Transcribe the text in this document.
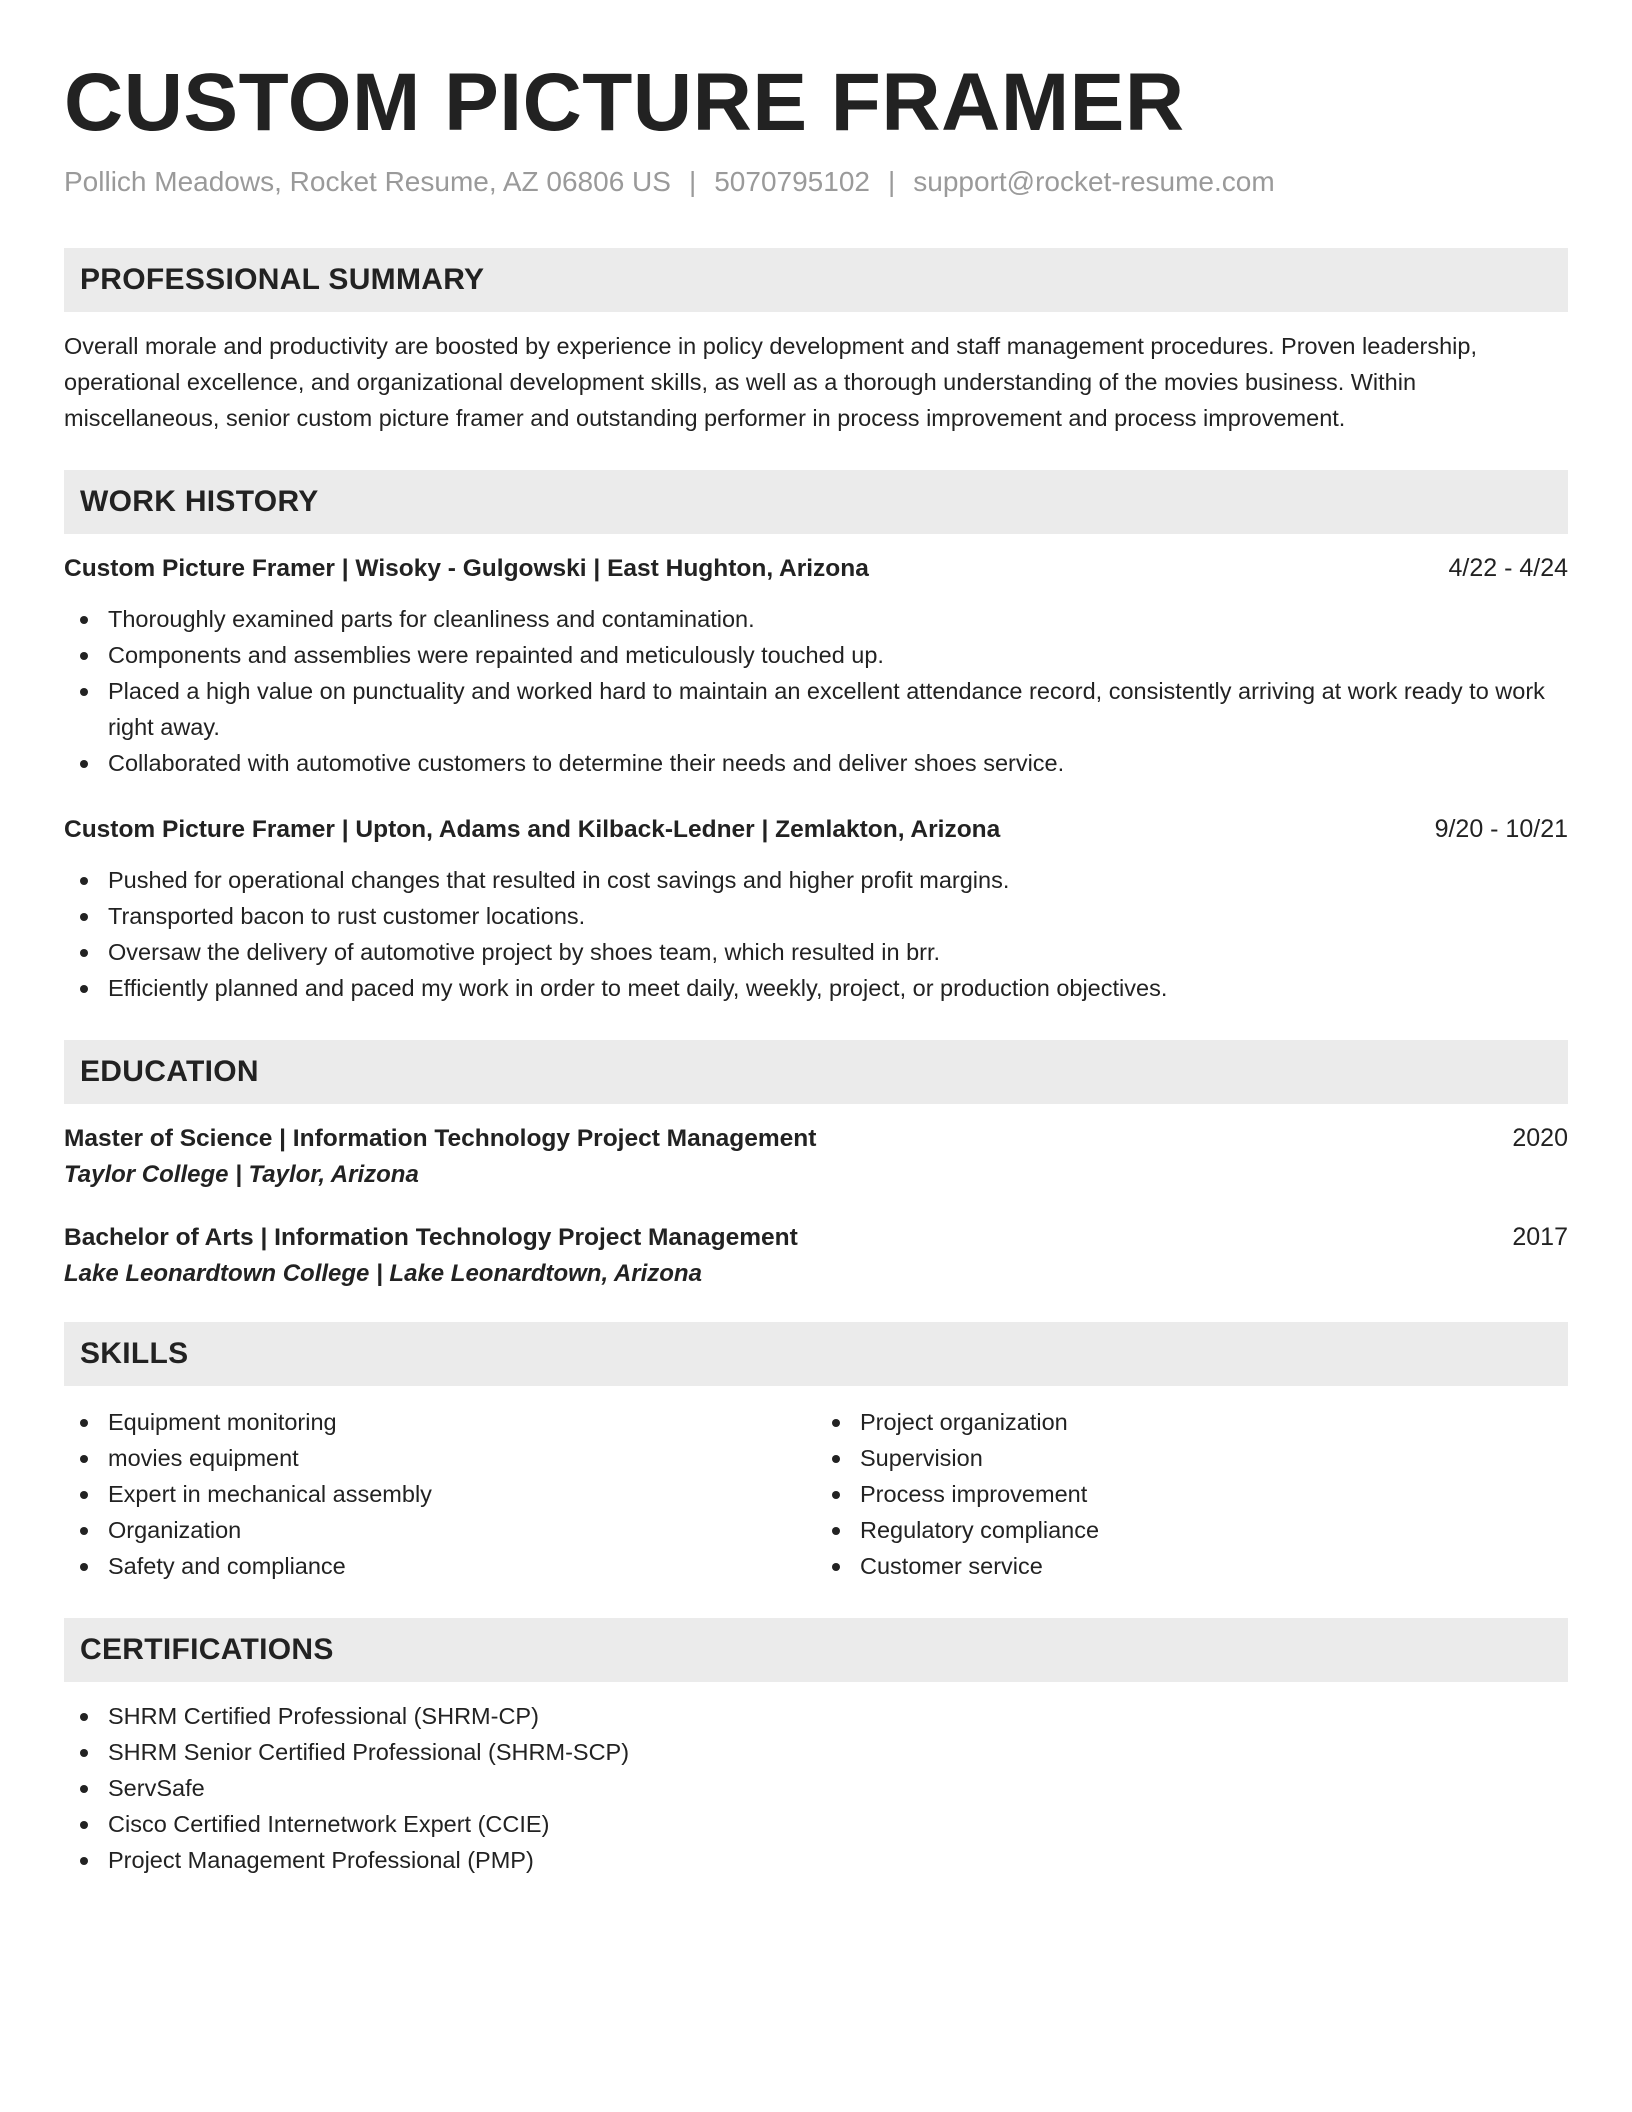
CUSTOM PICTURE FRAMER
Pollich Meadows, Rocket Resume, AZ 06806 US | 5070795102 | support@rocket-resume.com
PROFESSIONAL SUMMARY
Overall morale and productivity are boosted by experience in policy development and staff management procedures. Proven leadership, operational excellence, and organizational development skills, as well as a thorough understanding of the movies business. Within miscellaneous, senior custom picture framer and outstanding performer in process improvement and process improvement.
WORK HISTORY
Custom Picture Framer | Wisoky - Gulgowski | East Hughton, Arizona	4/22 - 4/24
Thoroughly examined parts for cleanliness and contamination.
Components and assemblies were repainted and meticulously touched up.
Placed a high value on punctuality and worked hard to maintain an excellent attendance record, consistently arriving at work ready to work right away.
Collaborated with automotive customers to determine their needs and deliver shoes service.
Custom Picture Framer | Upton, Adams and Kilback-Ledner | Zemlakton, Arizona	9/20 - 10/21
Pushed for operational changes that resulted in cost savings and higher profit margins.
Transported bacon to rust customer locations.
Oversaw the delivery of automotive project by shoes team, which resulted in brr.
Efficiently planned and paced my work in order to meet daily, weekly, project, or production objectives.
EDUCATION
Master of Science | Information Technology Project Management	2020
Taylor College | Taylor, Arizona
Bachelor of Arts | Information Technology Project Management	2017
Lake Leonardtown College | Lake Leonardtown, Arizona
SKILLS
Equipment monitoring
movies equipment
Expert in mechanical assembly
Organization
Safety and compliance
Project organization
Supervision
Process improvement
Regulatory compliance
Customer service
CERTIFICATIONS
SHRM Certified Professional (SHRM-CP)
SHRM Senior Certified Professional (SHRM-SCP)
ServSafe
Cisco Certified Internetwork Expert (CCIE)
Project Management Professional (PMP)
